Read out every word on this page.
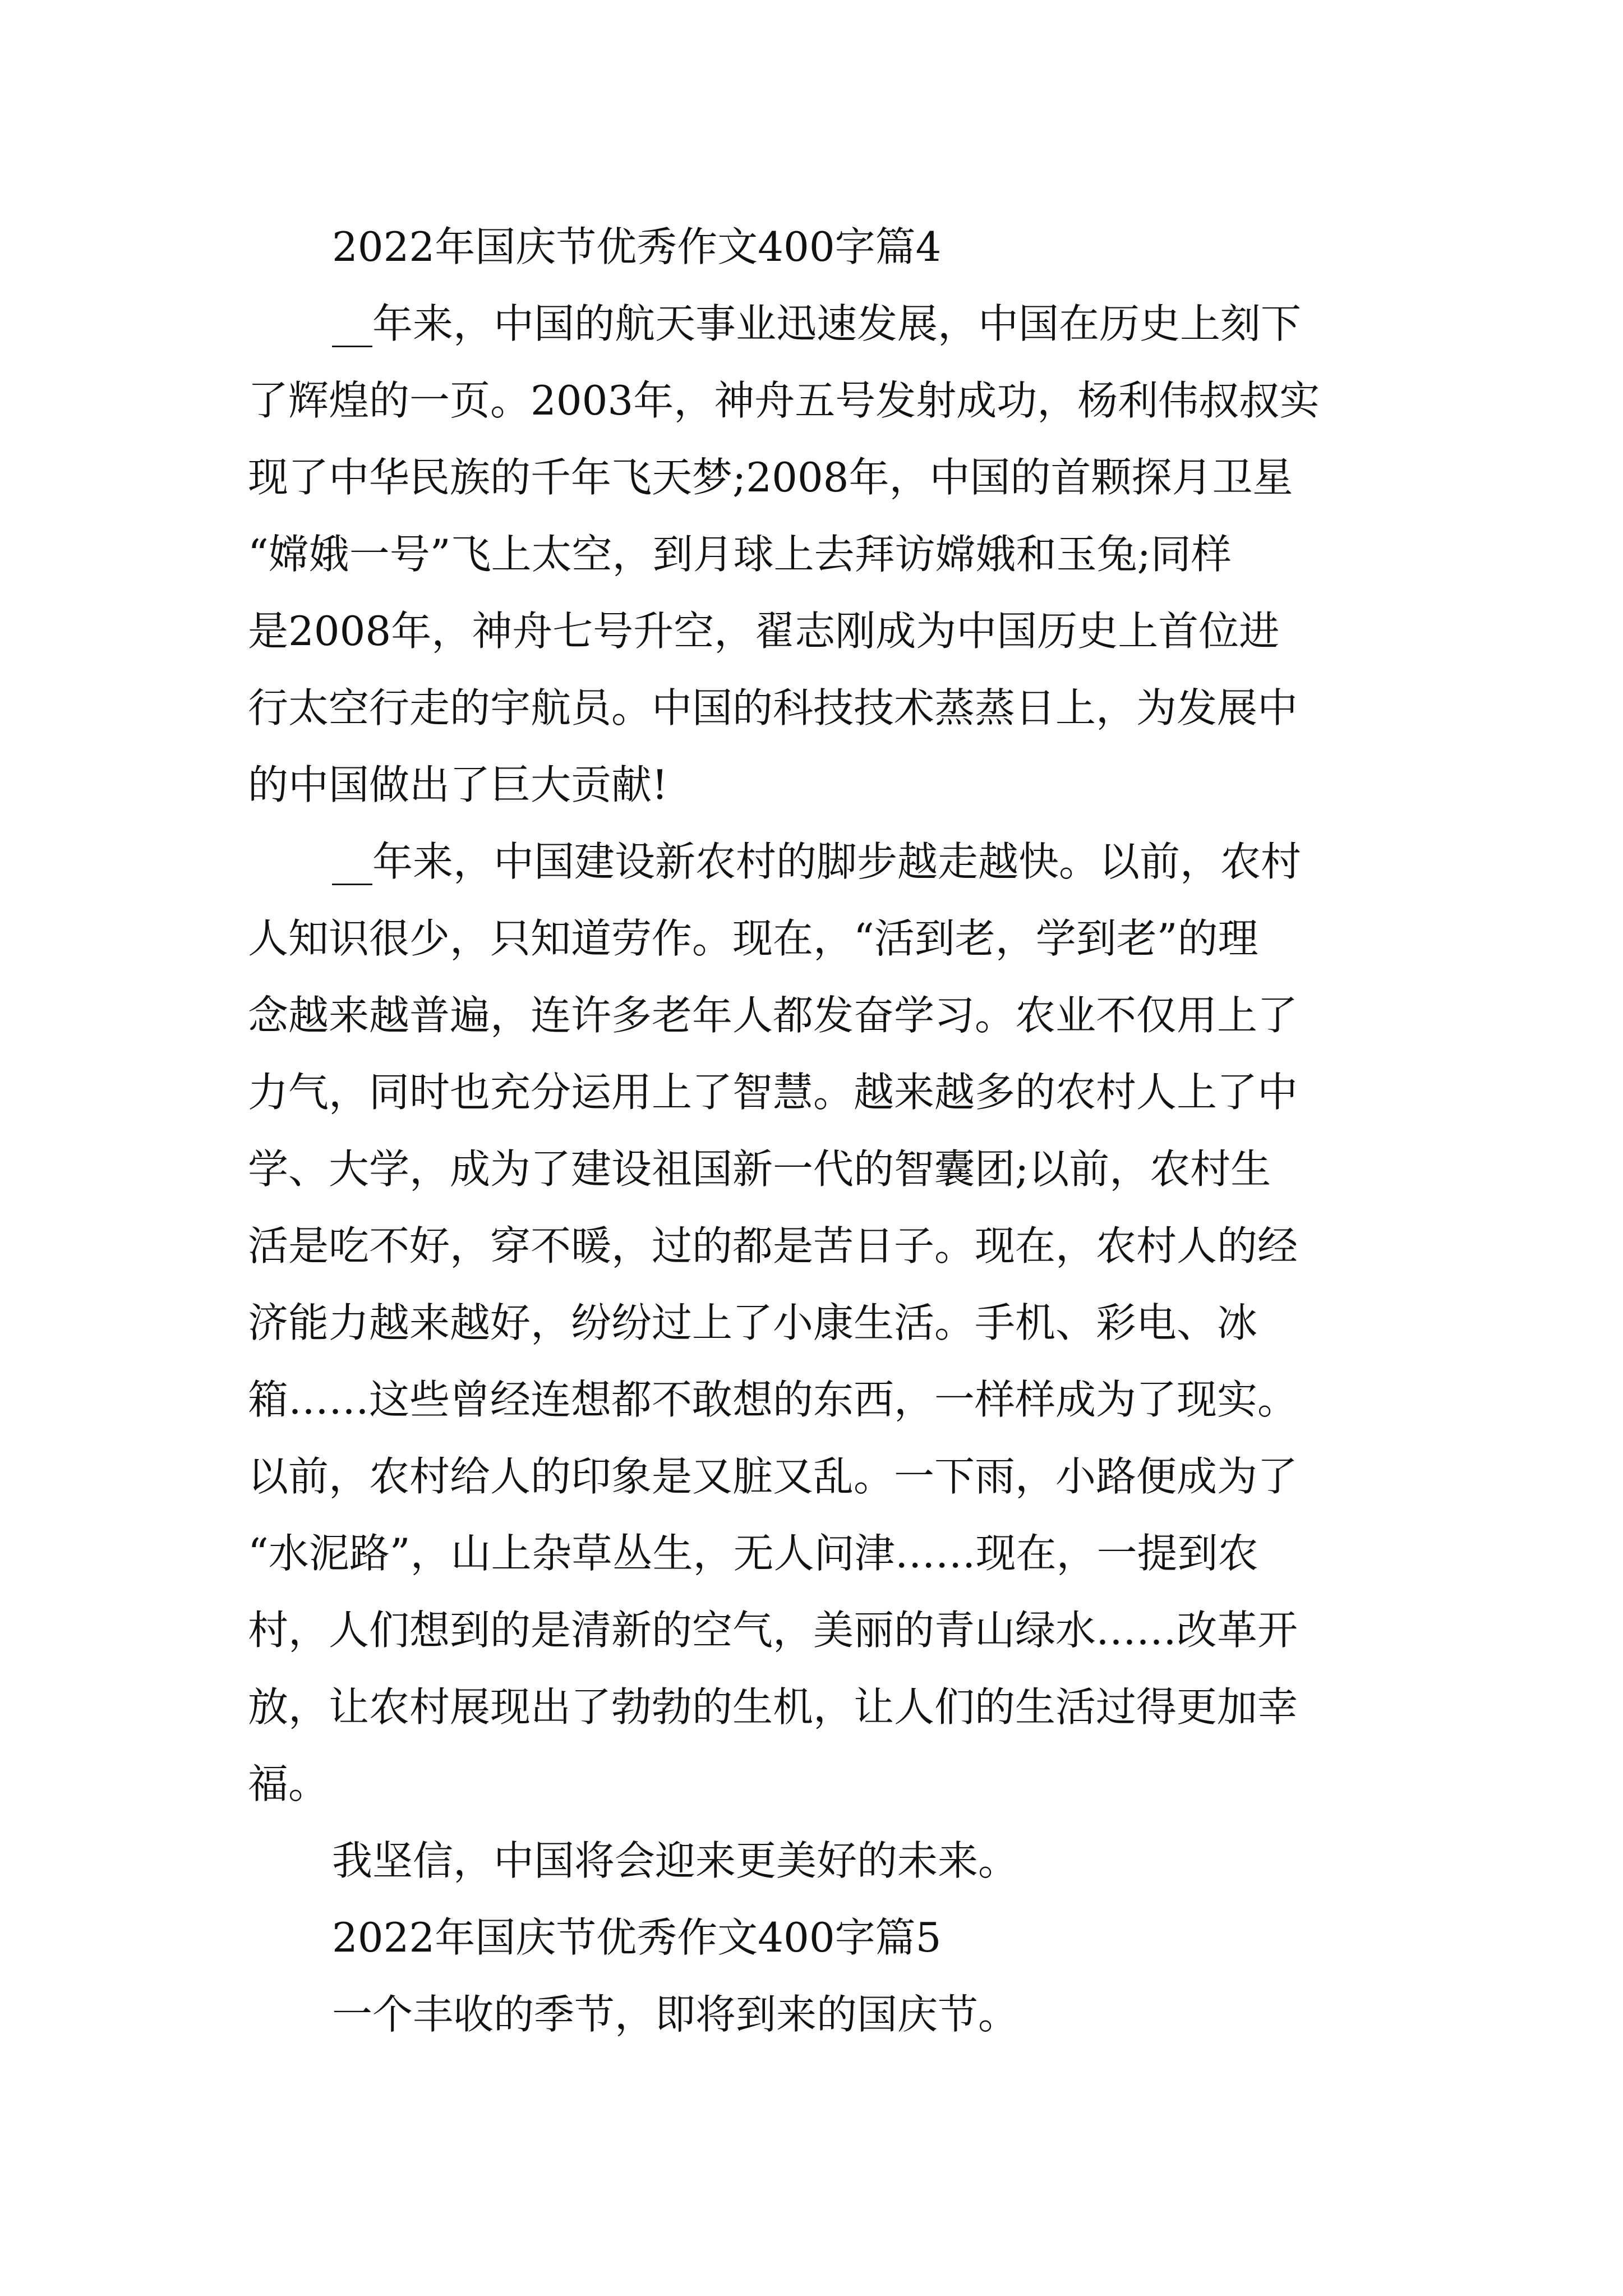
2022年国庆节优秀作文400字篇4

__年来，中国的航天事业迅速发展，中国在历史上刻下
了辉煌的一页。2003年，神舟五号发射成功，杨利伟叔叔实
现了中华民族的千年飞天梦;2008年，中国的首颗探月卫星
“嫦娥一号”飞上太空，到月球上去拜访嫦娥和玉兔;同样
是2008年，神舟七号升空，翟志刚成为中国历史上首位进
行太空行走的宇航员。中国的科技技术蒸蒸日上，为发展中
的中国做出了巨大贡献!

__年来，中国建设新农村的脚步越走越快。以前，农村
人知识很少，只知道劳作。现在，“活到老，学到老”的理
念越来越普遍，连许多老年人都发奋学习。农业不仅用上了
力气，同时也充分运用上了智慧。越来越多的农村人上了中
学、大学，成为了建设祖国新一代的智囊团;以前，农村生
活是吃不好，穿不暖，过的都是苦日子。现在，农村人的经
济能力越来越好，纷纷过上了小康生活。手机、彩电、冰
箱……这些曾经连想都不敢想的东西，一样样成为了现实。
以前，农村给人的印象是又脏又乱。一下雨，小路便成为了
“水泥路”，山上杂草丛生，无人问津……现在，一提到农
村，人们想到的是清新的空气，美丽的青山绿水……改革开
放，让农村展现出了勃勃的生机，让人们的生活过得更加幸
福。

我坚信，中国将会迎来更美好的未来。

2022年国庆节优秀作文400字篇5

一个丰收的季节，即将到来的国庆节。
